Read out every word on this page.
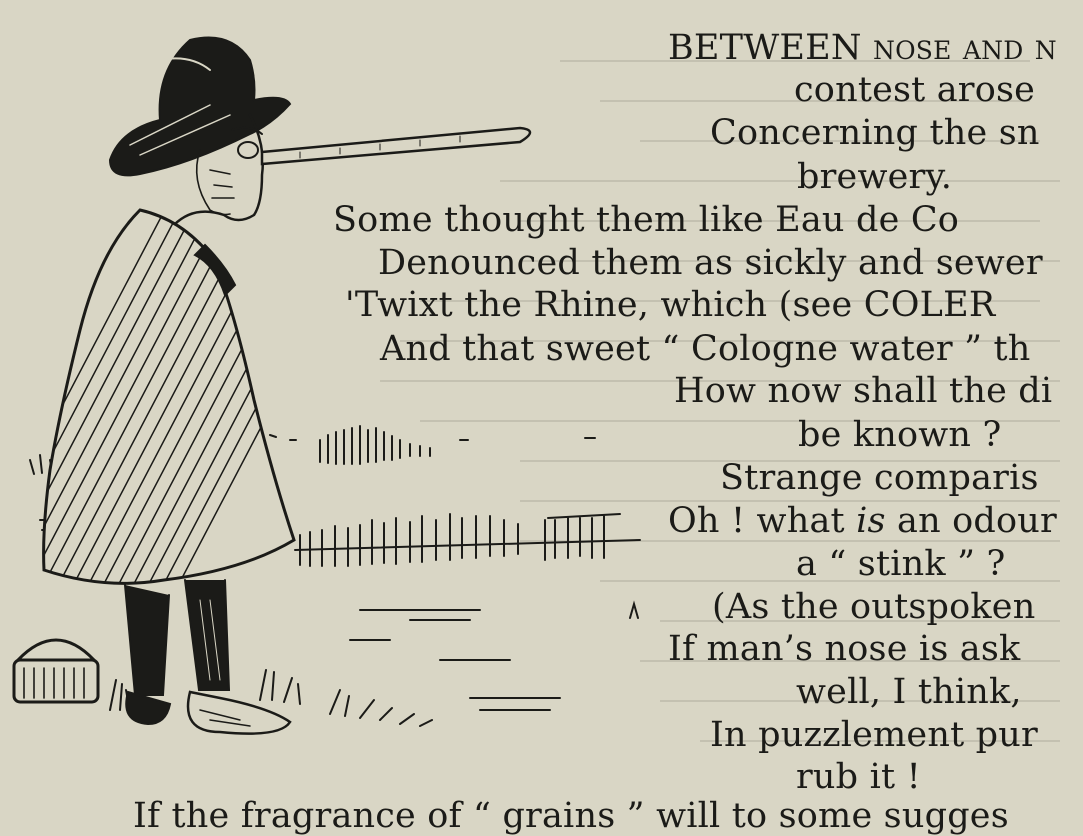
BETWEEN nose and n
contest arose
Concerning the sn
brewery.
Some thought them like Eau de Co
Denounced them as sickly and sewer
'Twixt the Rhine, which (see COLER
And that sweet “ Cologne water ” th
How now shall the di
be known ?
Strange comparis
Oh ! what is an odour
a “ stink ” ?
(As the outspoken
If man’s nose is ask
well, I think,
In puzzlement pur
rub it !
If the fragrance of “ grains ” will to some sugges
